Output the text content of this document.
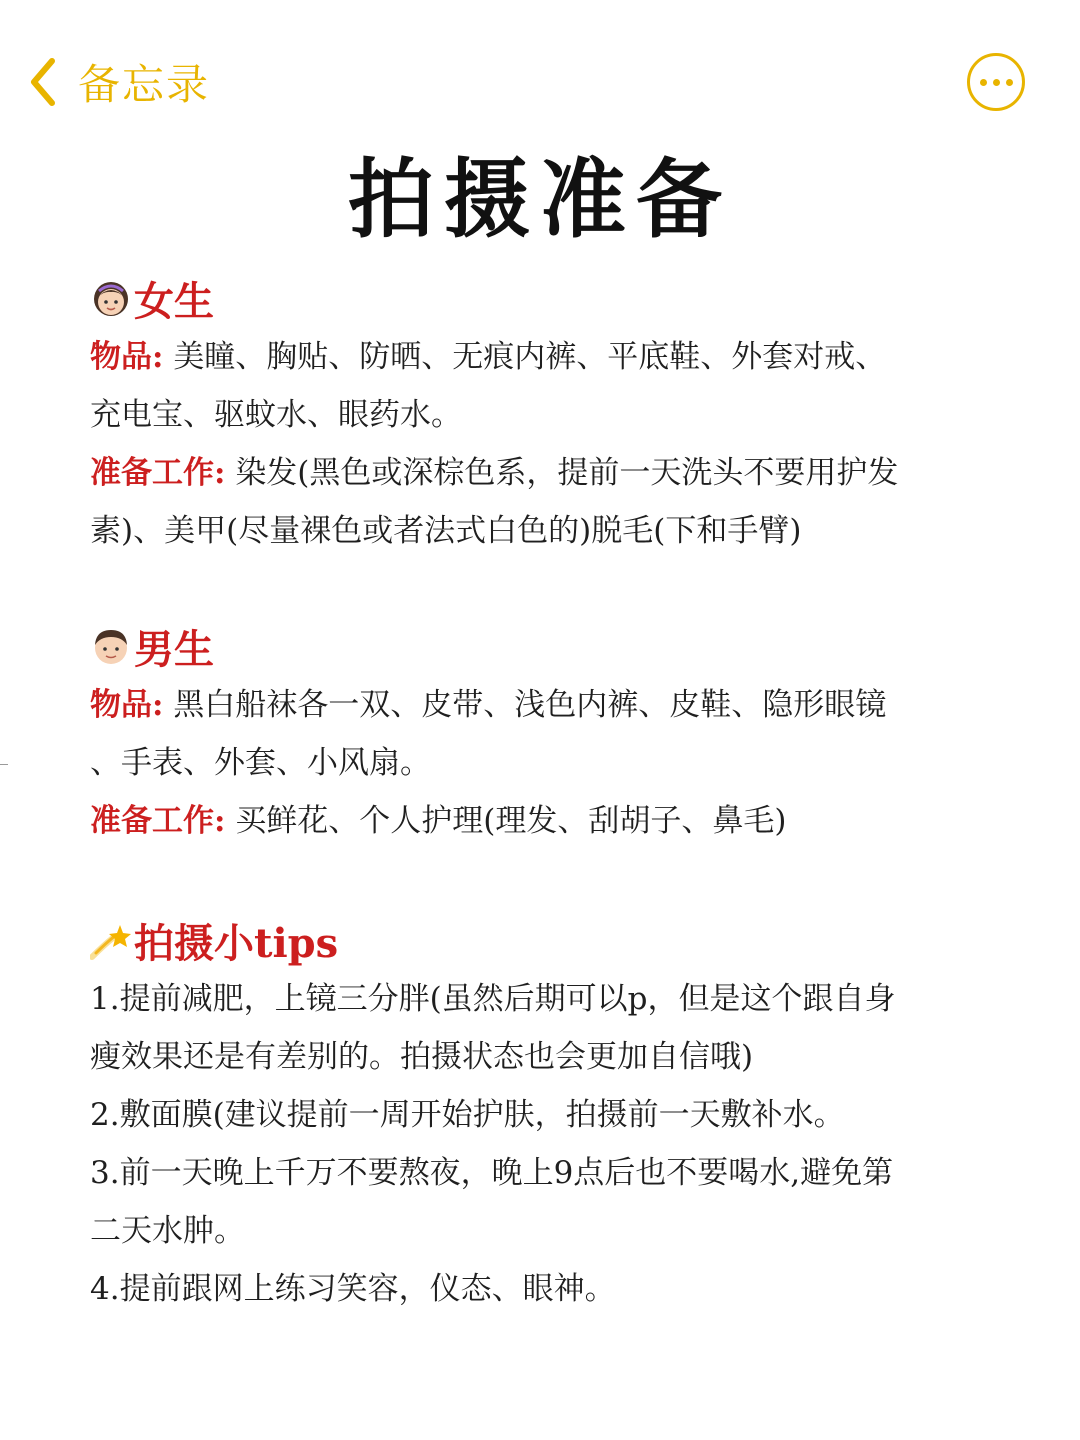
备忘录
拍摄准备
女生
物品: 美瞳、胸贴、防晒、无痕内裤、平底鞋、外套对戒、
充电宝、驱蚊水、眼药水。
准备工作: 染发(黑色或深棕色系，提前一天洗头不要用护发
素)、美甲(尽量裸色或者法式白色的)脱毛(下和手臂)
男生
物品: 黑白船袜各一双、皮带、浅色内裤、皮鞋、隐形眼镜
、手表、外套、小风扇。
准备工作: 买鲜花、个人护理(理发、刮胡子、鼻毛)
拍摄小tips
1.提前减肥，上镜三分胖(虽然后期可以p，但是这个跟自身
瘦效果还是有差别的。拍摄状态也会更加自信哦)
2.敷面膜(建议提前一周开始护肤，拍摄前一天敷补水。
3.前一天晚上千万不要熬夜，晚上9点后也不要喝水,避免第
二天水肿。
4.提前跟网上练习笑容，仪态、眼神。
